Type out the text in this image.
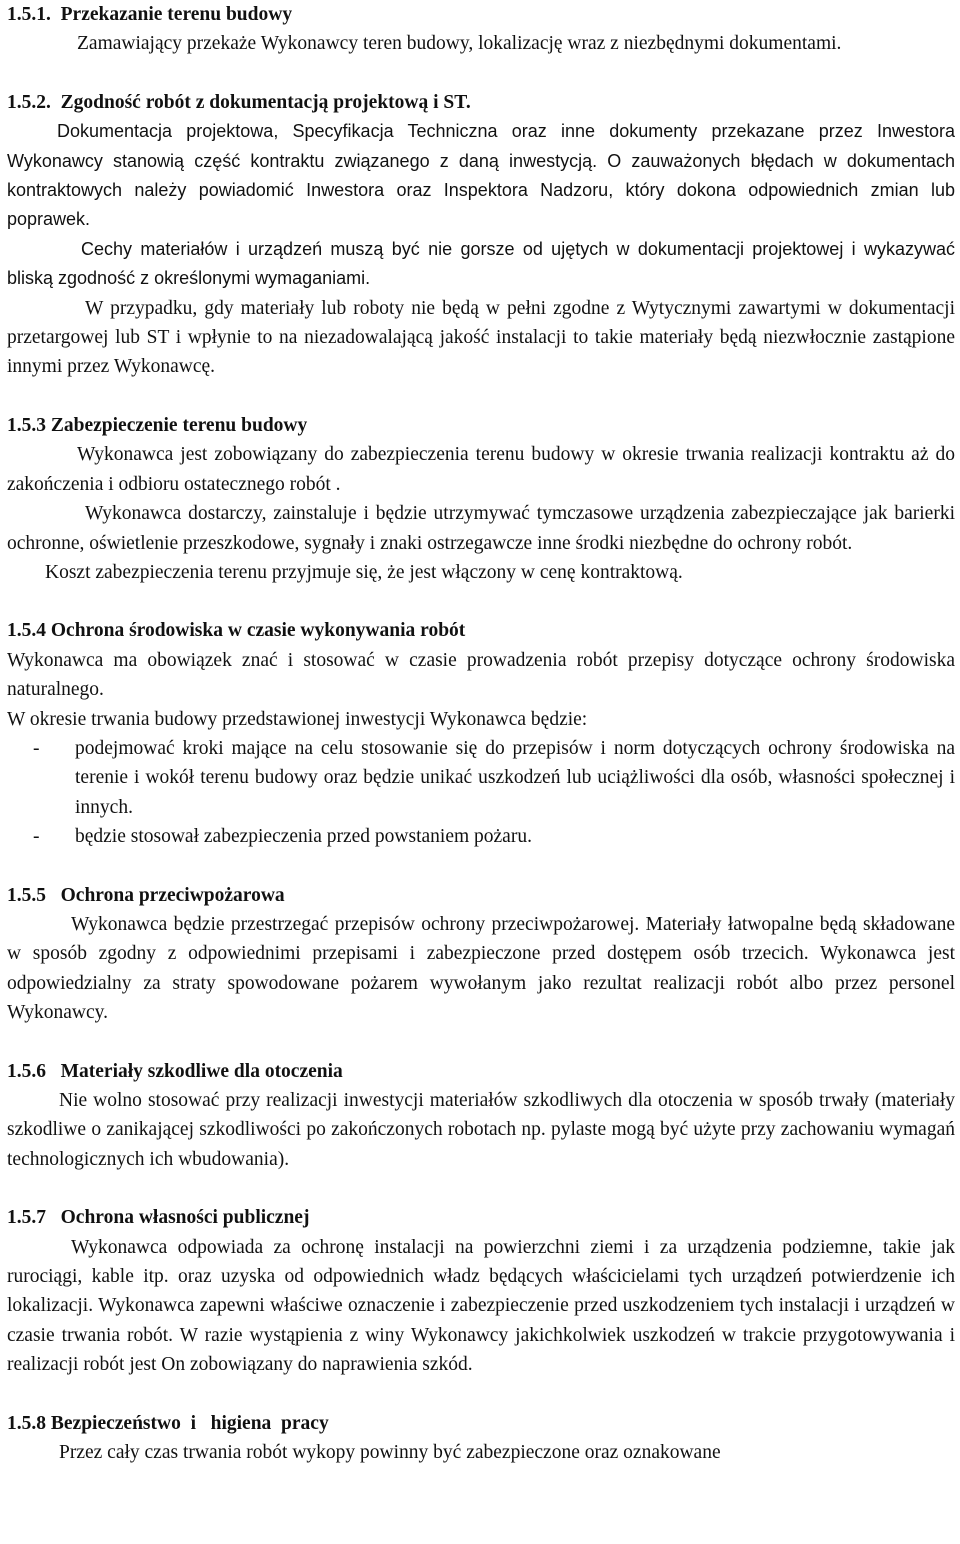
1.5.1.  Przekazanie terenu budowy
Zamawiający przekaże Wykonawcy teren budowy, lokalizację wraz z niezbędnymi dokumentami.
1.5.2.  Zgodność robót z dokumentacją projektową i ST.
Dokumentacja projektowa, Specyfikacja Techniczna oraz inne dokumenty przekazane przez Inwestora Wykonawcy stanowią część kontraktu związanego z daną inwestycją. O zauważonych błędach w dokumentach kontraktowych należy powiadomić Inwestora oraz Inspektora Nadzoru, który dokona odpowiednich zmian lub poprawek.
Cechy materiałów i urządzeń muszą być nie gorsze od ujętych w dokumentacji projektowej i wykazywać bliską zgodność z określonymi wymaganiami.
W przypadku, gdy materiały lub roboty nie będą w pełni zgodne z Wytycznymi zawartymi w dokumentacji przetargowej lub ST i wpłynie to na niezadowalającą jakość instalacji to takie materiały będą niezwłocznie zastąpione innymi przez Wykonawcę.
1.5.3 Zabezpieczenie terenu budowy
Wykonawca jest zobowiązany do zabezpieczenia terenu budowy w okresie trwania realizacji kontraktu aż do zakończenia i odbioru ostatecznego robót .
Wykonawca dostarczy, zainstaluje i będzie utrzymywać tymczasowe urządzenia zabezpieczające jak barierki ochronne, oświetlenie przeszkodowe, sygnały i znaki ostrzegawcze inne środki niezbędne do ochrony robót.
Koszt zabezpieczenia terenu przyjmuje się, że jest włączony w cenę kontraktową.
1.5.4 Ochrona środowiska w czasie wykonywania robót
Wykonawca ma obowiązek znać i stosować w czasie prowadzenia robót przepisy dotyczące ochrony środowiska naturalnego.
W okresie trwania budowy przedstawionej inwestycji Wykonawca będzie:
- podejmować kroki mające na celu stosowanie się do przepisów i norm dotyczących ochrony środowiska na terenie i wokół terenu budowy oraz będzie unikać uszkodzeń lub uciążliwości dla osób, własności społecznej i innych.
- będzie stosował zabezpieczenia przed powstaniem pożaru.
1.5.5   Ochrona przeciwpożarowa
Wykonawca będzie przestrzegać przepisów ochrony przeciwpożarowej. Materiały łatwopalne będą składowane w sposób zgodny z odpowiednimi przepisami i zabezpieczone przed dostępem osób trzecich. Wykonawca jest odpowiedzialny za straty spowodowane pożarem wywołanym jako rezultat realizacji robót albo przez personel Wykonawcy.
1.5.6   Materiały szkodliwe dla otoczenia
Nie wolno stosować przy realizacji inwestycji materiałów szkodliwych dla otoczenia w sposób trwały (materiały szkodliwe o zanikającej szkodliwości po zakończonych robotach np. pylaste mogą być użyte przy zachowaniu wymagań technologicznych ich wbudowania).
1.5.7   Ochrona własności publicznej
Wykonawca odpowiada za ochronę instalacji na powierzchni ziemi i za urządzenia podziemne, takie jak rurociągi, kable itp. oraz uzyska od odpowiednich władz będących właścicielami tych urządzeń potwierdzenie ich lokalizacji. Wykonawca zapewni właściwe oznaczenie i zabezpieczenie przed uszkodzeniem tych instalacji i urządzeń w czasie trwania robót. W razie wystąpienia z winy Wykonawcy jakichkolwiek uszkodzeń w trakcie przygotowywania i realizacji robót jest On zobowiązany do naprawienia szkód.
1.5.8 Bezpieczeństwo  i   higiena  pracy
Przez cały czas trwania robót wykopy powinny być zabezpieczone oraz oznakowane
